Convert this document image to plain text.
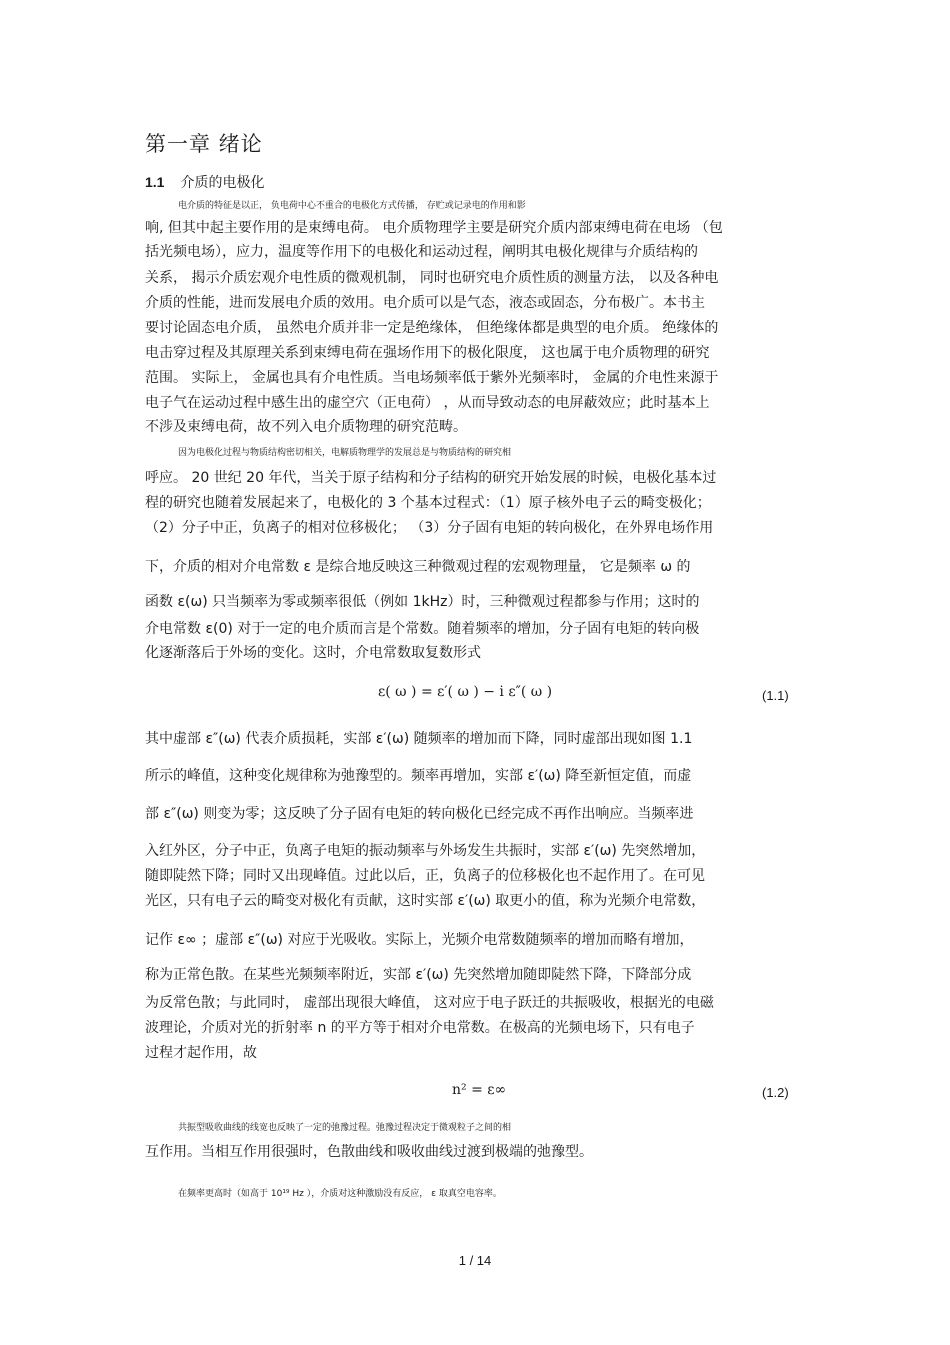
第一章 绪论
1.1 介质的电极化
电介质的特征是以正， 负电荷中心不重合的电极化方式传播， 存贮或记录电的作用和影
响, 但其中起主要作用的是束缚电荷。 电介质物理学主要是研究介质内部束缚电荷在电场 （包
括光频电场），应力，温度等作用下的电极化和运动过程，阐明其电极化规律与介质结构的
关系， 揭示介质宏观介电性质的微观机制， 同时也研究电介质性质的测量方法， 以及各种电
介质的性能，进而发展电介质的效用。电介质可以是气态，液态或固态，分布极广。本书主
要讨论固态电介质， 虽然电介质并非一定是绝缘体， 但绝缘体都是典型的电介质。 绝缘体的
电击穿过程及其原理关系到束缚电荷在强场作用下的极化限度， 这也属于电介质物理的研究
范围。 实际上， 金属也具有介电性质。当电场频率低于紫外光频率时， 金属的介电性来源于
电子气在运动过程中感生出的虚空穴（正电荷） ，从而导致动态的电屏蔽效应；此时基本上
不涉及束缚电荷，故不列入电介质物理的研究范畴。
因为电极化过程与物质结构密切相关，电解质物理学的发展总是与物质结构的研究相
呼应。 20 世纪 20 年代，当关于原子结构和分子结构的研究开始发展的时候，电极化基本过
程的研究也随着发展起来了，电极化的 3 个基本过程式：（1）原子核外电子云的畸变极化；
（2）分子中正，负离子的相对位移极化； （3）分子固有电矩的转向极化，在外界电场作用
下，介质的相对介电常数 ε 是综合地反映这三种微观过程的宏观物理量， 它是频率 ω 的
函数 ε(ω) 只当频率为零或频率很低（例如 1kHz）时，三种微观过程都参与作用；这时的
介电常数 ε(0) 对于一定的电介质而言是个常数。随着频率的增加，分子固有电矩的转向极
化逐渐落后于外场的变化。这时，介电常数取复数形式
ε( ω ) = ε′( ω ) − i ε″( ω )	(1.1)
其中虚部 ε″(ω) 代表介质损耗，实部 ε′(ω) 随频率的增加而下降，同时虚部出现如图 1.1
所示的峰值，这种变化规律称为弛豫型的。频率再增加，实部 ε′(ω) 降至新恒定值，而虚
部 ε″(ω) 则变为零；这反映了分子固有电矩的转向极化已经完成不再作出响应。当频率进
入红外区，分子中正，负离子电矩的振动频率与外场发生共振时，实部 ε′(ω) 先突然增加，
随即陡然下降；同时又出现峰值。过此以后，正，负离子的位移极化也不起作用了。在可见
光区，只有电子云的畸变对极化有贡献，这时实部 ε′(ω) 取更小的值，称为光频介电常数，
记作 ε∞ ；虚部 ε″(ω) 对应于光吸收。实际上，光频介电常数随频率的增加而略有增加，
称为正常色散。在某些光频频率附近，实部 ε′(ω) 先突然增加随即陡然下降，下降部分成
为反常色散；与此同时， 虚部出现很大峰值， 这对应于电子跃迁的共振吸收，根据光的电磁
波理论，介质对光的折射率 n 的平方等于相对介电常数。在极高的光频电场下，只有电子
过程才起作用，故
n² = ε∞	(1.2)
共振型吸收曲线的线宽也反映了一定的弛豫过程。弛豫过程决定于微观粒子之间的相
互作用。当相互作用很强时，色散曲线和吸收曲线过渡到极端的弛豫型。
在频率更高时（如高于 10¹⁹ Hz ），介质对这种激励没有反应， ε 取真空电容率。
1 / 14
